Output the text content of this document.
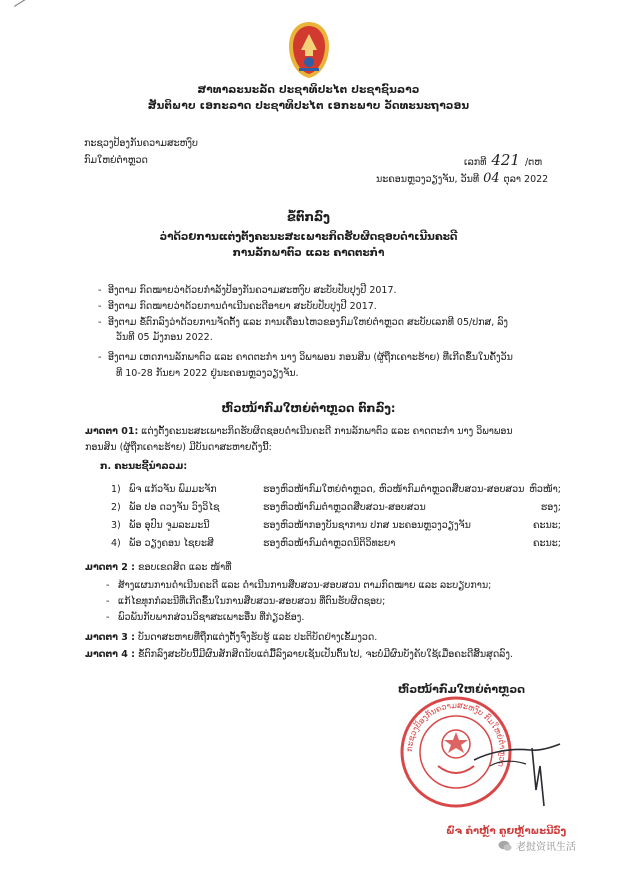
ສາທາລະນະລັດ ປະຊາທິປະໄຕ ປະຊາຊົນລາວ
ສັນຕິພາບ ເອກະລາດ ປະຊາທິປະໄຕ ເອກະພາບ ວັດທະນະຖາວອນ
ກະຊວງປ້ອງກັນຄວາມສະຫງົບ
ກົມໃຫຍ່ຕຳຫຼວດ	ເລກທີ 421 /ຕຫ
ນະຄອນຫຼວງວຽງຈັນ, ວັນທີ 04 ຕຸລາ 2022
ຂໍ້ຕົກລົງ
ວ່າດ້ວຍການແຕ່ງຕັ້ງຄະນະສະເພາະກິດຮັບຜິດຊອບດຳເນີນຄະດີ
ການລັກພາຕົວ ແລະ ຄາດຕະກຳ
- ອີງຕາມ ກົດໝາຍວ່າດ້ວຍກຳລັງປ້ອງກັນຄວາມສະຫງົບ ສະບັບປັບປຸງປີ 2017.
- ອີງຕາມ ກົດໝາຍວ່າດ້ວຍການດຳເນີນຄະດີອາຍາ ສະບັບປັບປຸງປີ 2017.
- ອີງຕາມ ຂໍ້ຕົກລົງວ່າດ້ວຍການຈັດຕັ້ງ ແລະ ການເຄື່ອນໄຫວຂອງກົມໃຫຍ່ຕຳຫຼວດ ສະບັບເລກທີ 05/ປກສ, ລົງ
ວັນທີ 05 ມັງກອນ 2022.
- ອີງຕາມ ເຫດການລັກພາຕົວ ແລະ ຄາດຕະກຳ ນາງ ວິພາພອນ ກອນສິນ (ຜູ້ຖືກເຄາະຮ້າຍ) ທີ່ເກີດຂຶ້ນໃນຄັ້ງວັນ
ທີ 10-28 ກັນຍາ 2022 ຢູ່ນະຄອນຫຼວງວຽງຈັນ.
ຫົວໜ້າກົມໃຫຍ່ຕຳຫຼວດ ຕົກລົງ:
ມາດຕາ 01: ແຕ່ງຕັ້ງຄະນະສະເພາະກິດຮັບຜິດຊອບດຳເນີນຄະດີ ການລັກພາຕົວ ແລະ ຄາດຕະກຳ ນາງ ວິພາພອນ
ກອນສິນ (ຜູ້ຖືກເຄາະຮ້າຍ) ມີບັນດາສະຫາຍດັ່ງນີ້:
ກ. ຄະນະຊີ້ນຳລວມ:
1) ພົຈ ແກ້ວຈັນ ພົມມະຈັກ	ຮອງຫົວໜ້າກົມໃຫຍ່ຕຳຫຼວດ, ຫົວໜ້າກົມຕຳຫຼວດສືບສວນ-ສອບສວນ ຫົວໜ້າ;
2) ພັອ ປອ ດວງຈັນ ວົງວິໄຊ	ຮອງຫົວໜ້າກົມຕຳຫຼວດສືບສວນ-ສອບສວນ	ຮອງ;
3) ພັອ ອຸປົນ ຈູມລະມະນີ	ຮອງຫົວໜ້າກອງບັນຊາການ ປກສ ນະຄອນຫຼວງວຽງຈັນ	ຄະນະ;
4) ພັອ ວຽງຄອນ ໄຊຍະສີ	ຮອງຫົວໜ້າກົມຕຳຫຼວດນິຕິວິທະຍາ	ຄະນະ;
ມາດຕາ 2 : ຂອບເຂດສິດ ແລະ ໜ້າທີ່
- ສ້າງແຜນການດຳເນີນຄະດີ ແລະ ດຳເນີນການສືບສວນ-ສອບສວນ ຕາມກົດໝາຍ ແລະ ລະບຽບການ;
- ແກ້ໄຂທຸກກໍລະນີທີ່ເກີດຂຶ້ນໃນການສືບສວນ-ສອບສວນ ທີ່ຕົນຮັບຜິດຊອບ;
- ພົວພັນກັບພາກສ່ວນວິຊາສະເພາະອື່ນ ທີ່ກ່ຽວຂ້ອງ.
ມາດຕາ 3 : ບັນດາສະຫາຍທີ່ຖືກແຕ່ງຕັ້ງຈົ່ງຮັບຮູ້ ແລະ ປະຕິບັດຢ່າງເຂັ້ມງວດ.
ມາດຕາ 4 : ຂໍ້ຕົກລົງສະບັບນີ້ມີຜົນສັກສິດນັບແຕ່ມື້ລົງລາຍເຊັນເປັນຕົ້ນໄປ, ຈະບໍ່ມີຜົນບັງຄັບໃຊ້ເມື່ອຄະດີສິ້ນສຸດລົງ.
ຫົວໜ້າກົມໃຫຍ່ຕຳຫຼວດ
ກະຊວງປ້ອງກັນຄວາມສະຫງົບ ກົມໃຫຍ່ຕຳຫຼວດ
ພົຈ ຄຳຫຼ້າ ຄູຍຫຼ້າພະນີວົງ
老挝资讯生活
